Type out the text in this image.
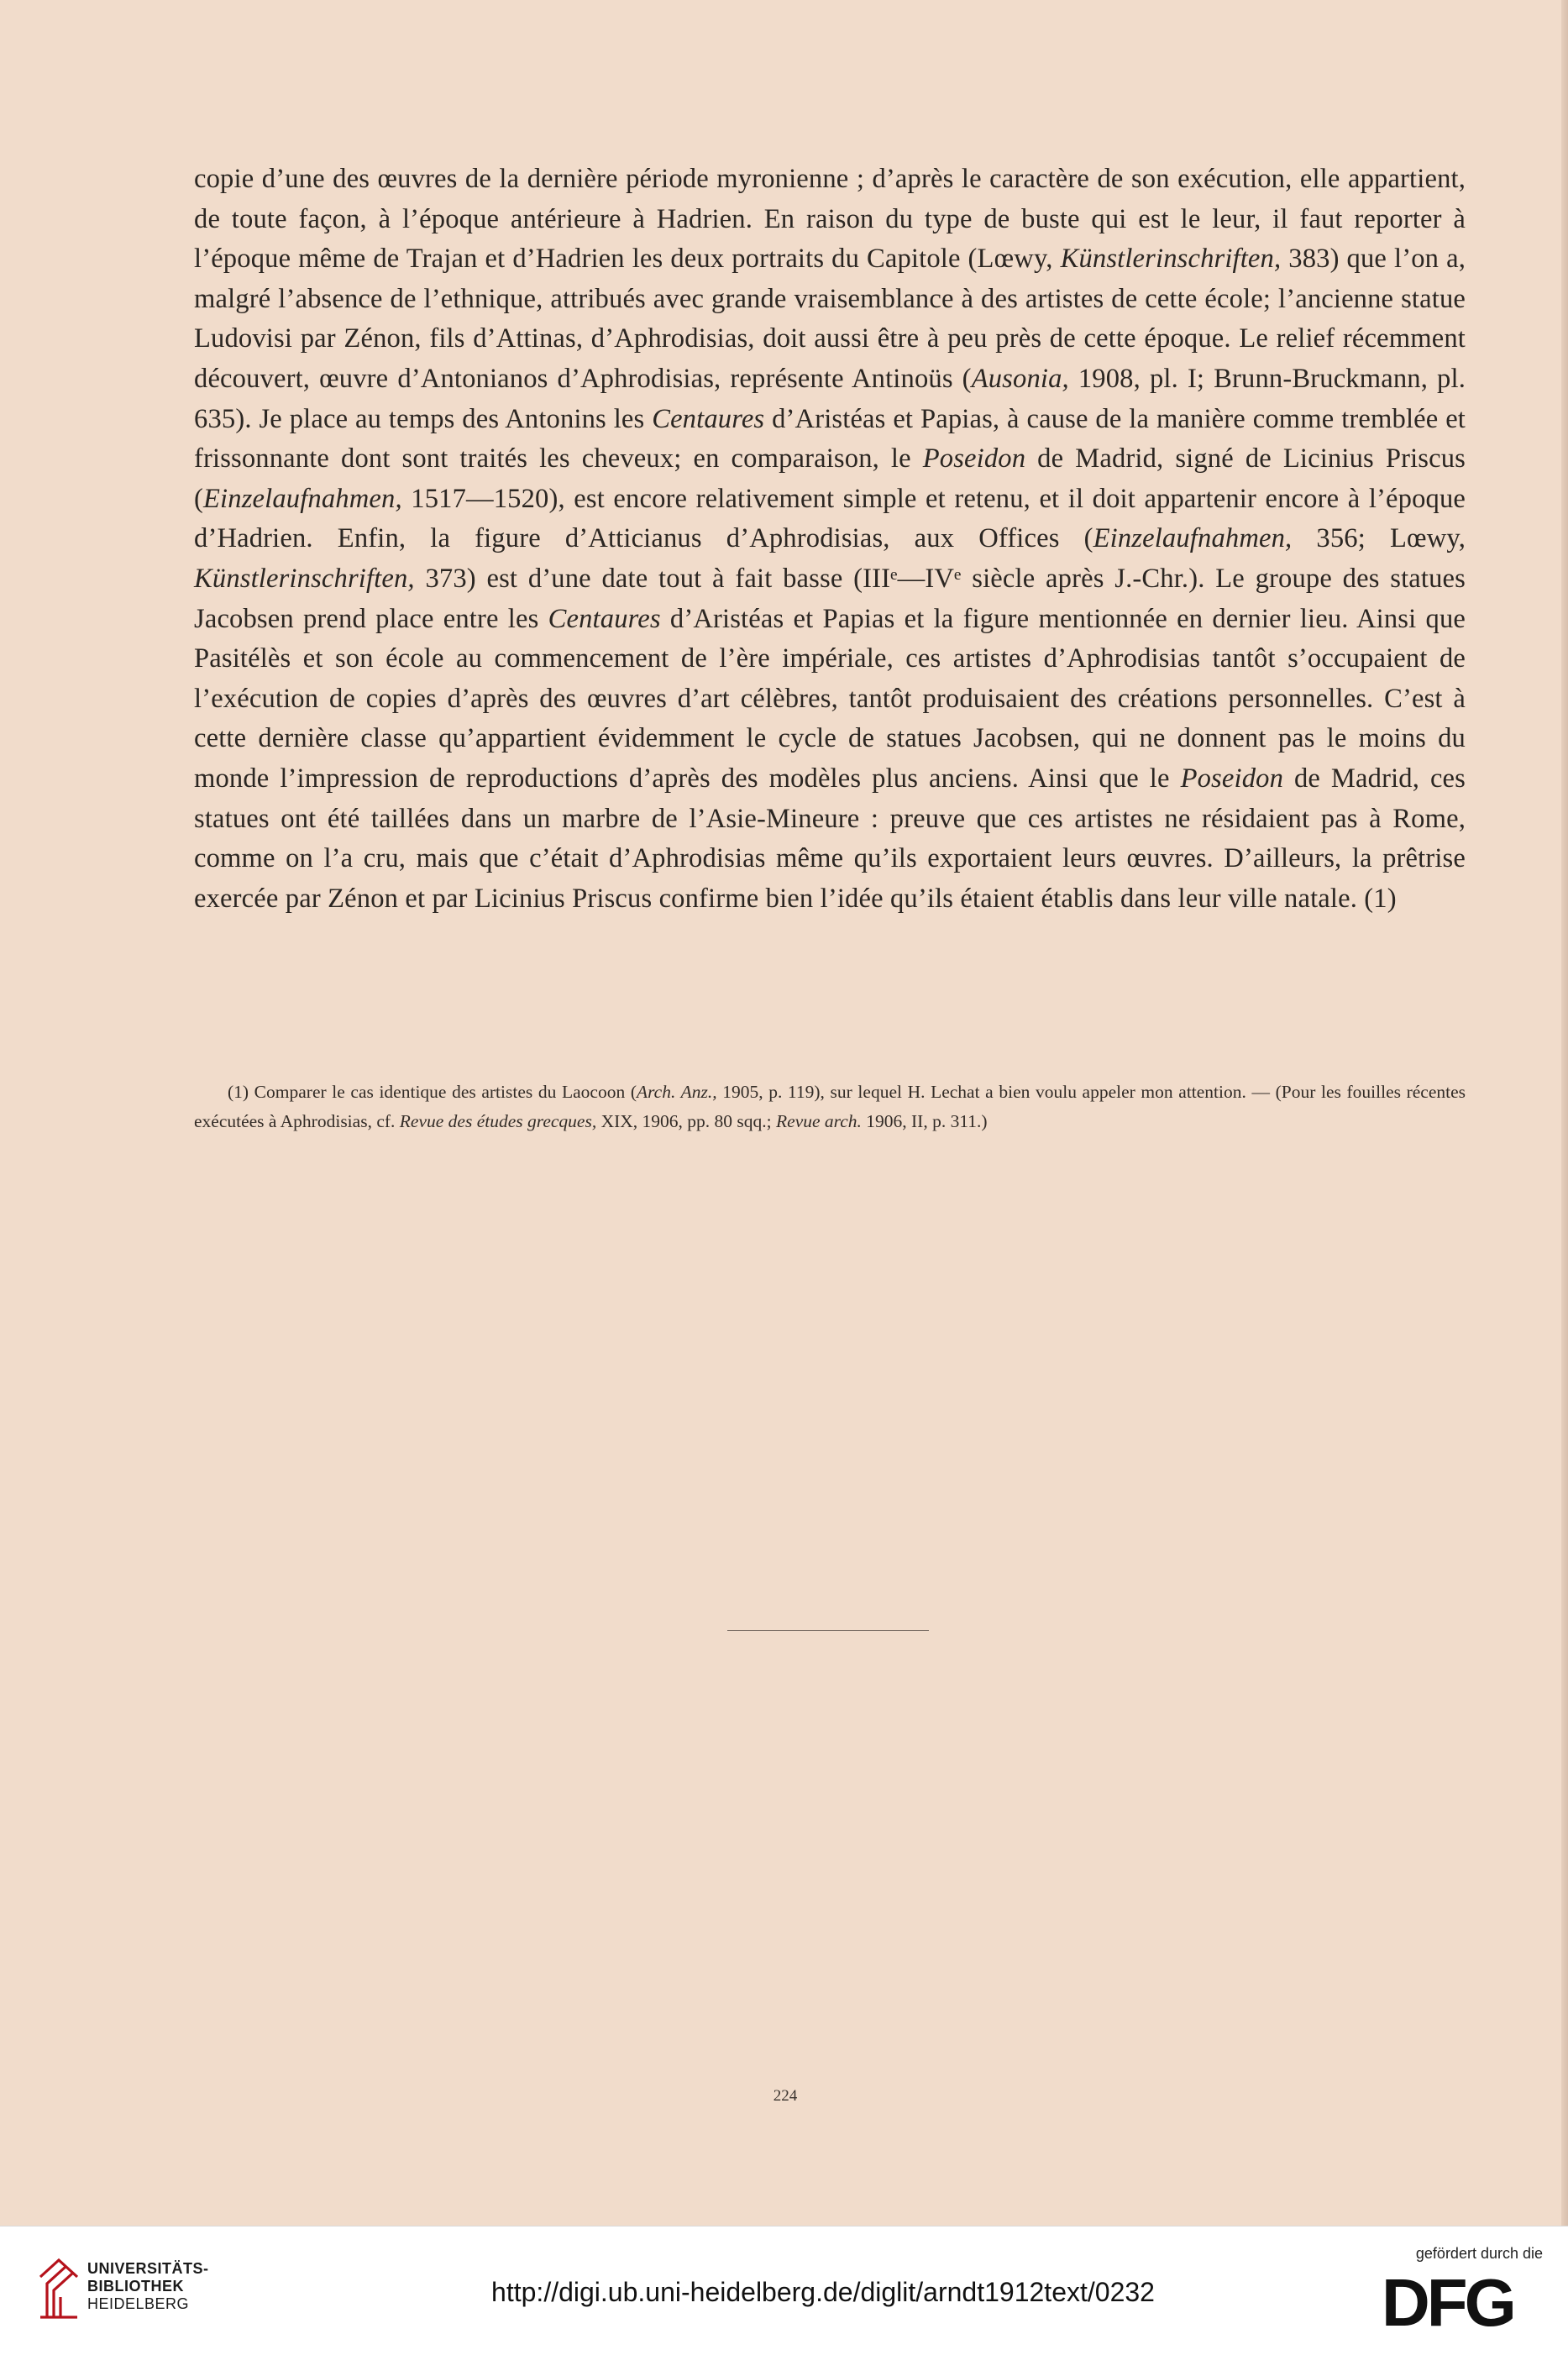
copie d’une des œuvres de la dernière période myronienne ; d’après le caractère de son exécution, elle appartient, de toute façon, à l’époque antérieure à Hadrien. En raison du type de buste qui est le leur, il faut reporter à l’époque même de Trajan et d’Hadrien les deux portraits du Capitole (Lœwy, Künstlerinschriften, 383) que l’on a, malgré l’absence de l’ethnique, attribués avec grande vraisemblance à des artistes de cette école; l’ancienne statue Ludovisi par Zénon, fils d’Attinas, d’Aphrodisias, doit aussi être à peu près de cette époque. Le relief récemment découvert, œuvre d’Antonianos d’Aphrodisias, représente Antinoüs (Ausonia, 1908, pl. I; Brunn-Bruckmann, pl. 635). Je place au temps des Antonins les Centaures d’Aristéas et Papias, à cause de la manière comme tremblée et frissonnante dont sont traités les cheveux; en comparaison, le Poseidon de Madrid, signé de Licinius Priscus (Einzelaufnahmen, 1517—1520), est encore relativement simple et retenu, et il doit appartenir encore à l’époque d’Hadrien. Enfin, la figure d’Atticianus d’Aphrodisias, aux Offices (Einzelaufnahmen, 356; Lœwy, Künstlerinschriften, 373) est d’une date tout à fait basse (IIIᵉ—IVᵉ siècle après J.-Chr.). Le groupe des statues Jacobsen prend place entre les Centaures d’Aristéas et Papias et la figure mentionnée en dernier lieu. Ainsi que Pasitélès et son école au commencement de l’ère impériale, ces artistes d’Aphrodisias tantôt s’occupaient de l’exécution de copies d’après des œuvres d’art célèbres, tantôt produisaient des créations personnelles. C’est à cette dernière classe qu’appartient évidemment le cycle de statues Jacobsen, qui ne donnent pas le moins du monde l’impression de reproductions d’après des modèles plus anciens. Ainsi que le Poseidon de Madrid, ces statues ont été taillées dans un marbre de l’Asie-Mineure : preuve que ces artistes ne résidaient pas à Rome, comme on l’a cru, mais que c’était d’Aphrodisias même qu’ils exportaient leurs œuvres. D’ailleurs, la prêtrise exercée par Zénon et par Licinius Priscus confirme bien l’idée qu’ils étaient établis dans leur ville natale. (1)

(1) Comparer le cas identique des artistes du Laocoon (Arch. Anz., 1905, p. 119), sur lequel H. Lechat a bien voulu appeler mon attention. — (Pour les fouilles récentes exécutées à Aphrodisias, cf. Revue des études grecques, XIX, 1906, pp. 80 sqq.; Revue arch. 1906, II, p. 311.)

224
UNIVERSITÄTS-
BIBLIOTHEK
HEIDELBERG	http://digi.ub.uni-heidelberg.de/diglit/arndt1912text/0232
gefördert durch die
DFG
